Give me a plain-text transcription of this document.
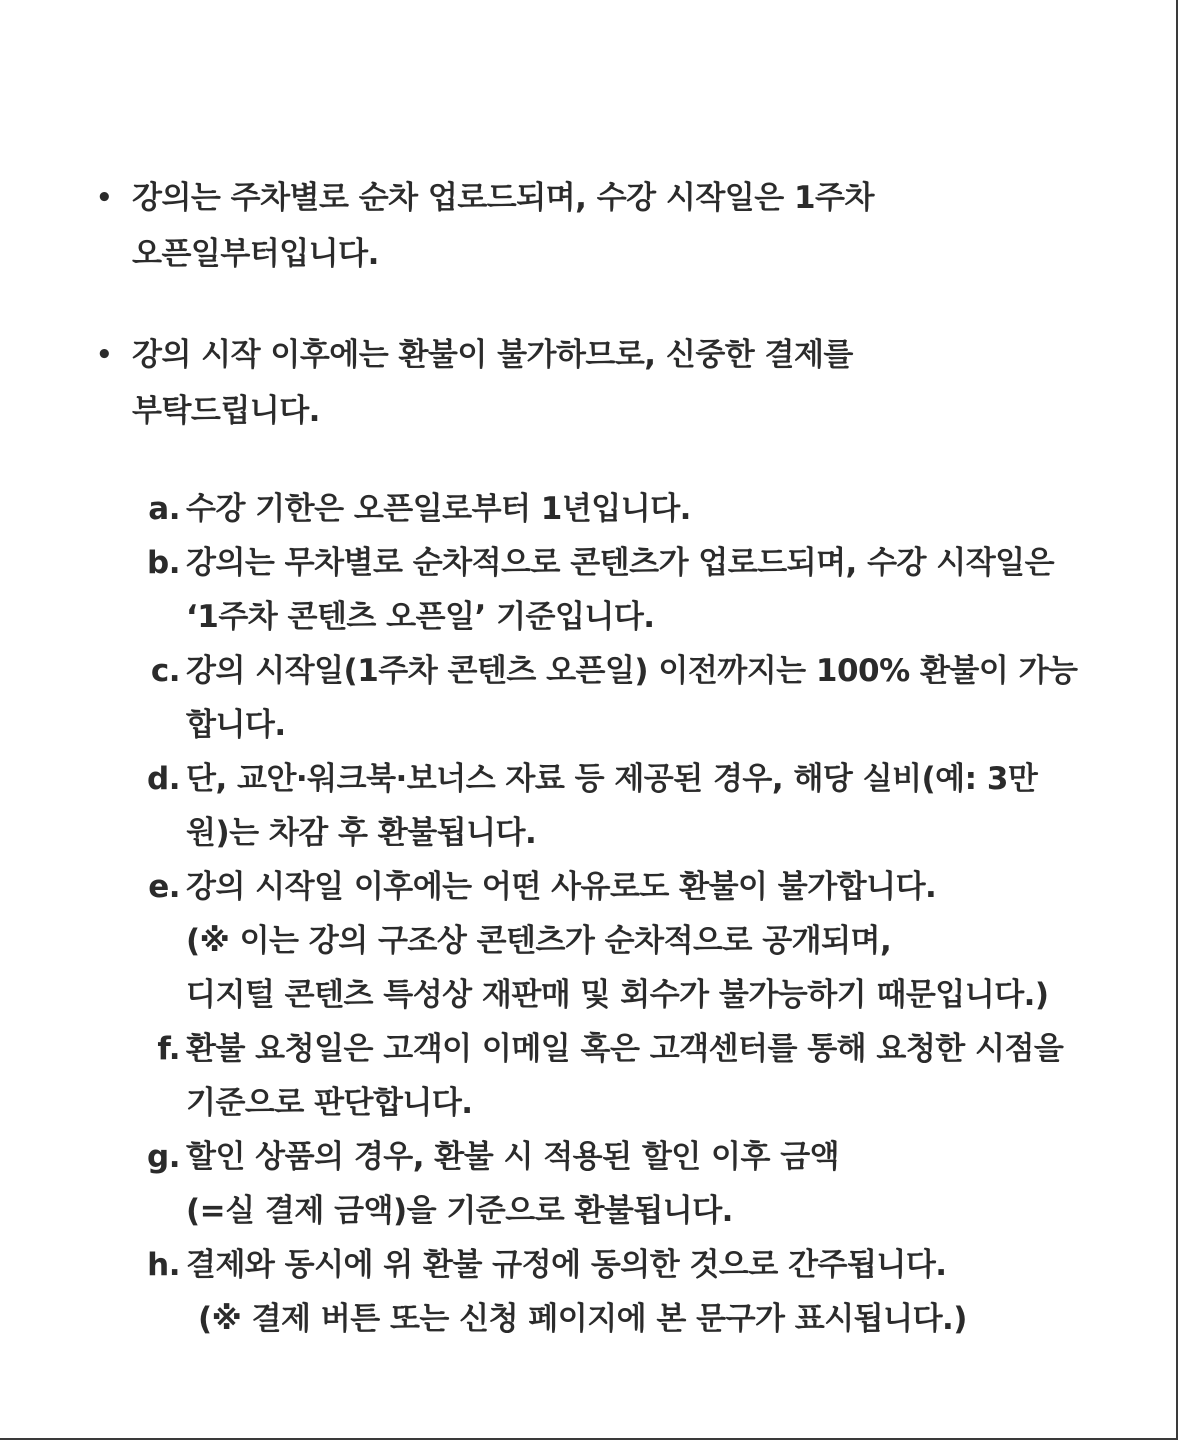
• 강의는 주차별로 순차 업로드되며, 수강 시작일은 1주차
오픈일부터입니다.
• 강의 시작 이후에는 환불이 불가하므로, 신중한 결제를
부탁드립니다.
a. 수강 기한은 오픈일로부터 1년입니다.
b. 강의는 무차별로 순차적으로 콘텐츠가 업로드되며, 수강 시작일은
‘1주차 콘텐츠 오픈일’ 기준입니다.
c. 강의 시작일(1주차 콘텐츠 오픈일) 이전까지는 100% 환불이 가능
합니다.
d. 단, 교안·워크북·보너스 자료 등 제공된 경우, 해당 실비(예: 3만
원)는 차감 후 환불됩니다.
e. 강의 시작일 이후에는 어떤 사유로도 환불이 불가합니다.
(※ 이는 강의 구조상 콘텐츠가 순차적으로 공개되며,
디지털 콘텐츠 특성상 재판매 및 회수가 불가능하기 때문입니다.)
f. 환불 요청일은 고객이 이메일 혹은 고객센터를 통해 요청한 시점을
기준으로 판단합니다.
g. 할인 상품의 경우, 환불 시 적용된 할인 이후 금액
(=실 결제 금액)을 기준으로 환불됩니다.
h. 결제와 동시에 위 환불 규정에 동의한 것으로 간주됩니다.
(※ 결제 버튼 또는 신청 페이지에 본 문구가 표시됩니다.)
